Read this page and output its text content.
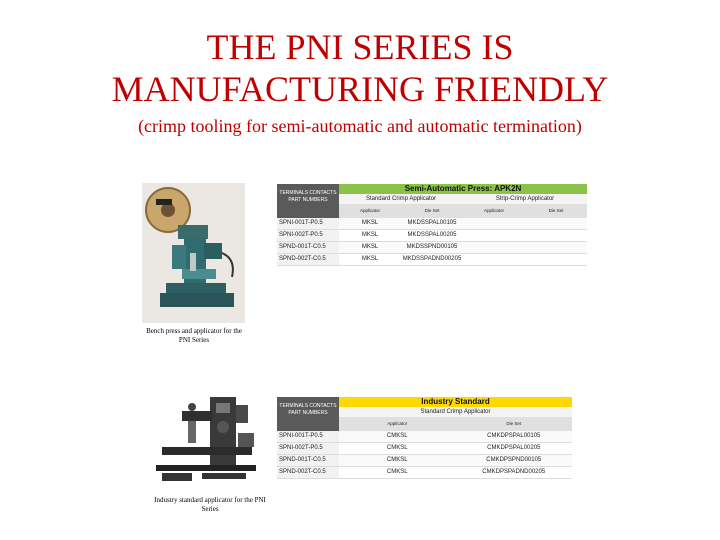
THE PNI SERIES IS
MANUFACTURING FRIENDLY
(crimp tooling for semi-automatic and automatic termination)
Bench press and applicator for the PNI Series
Industry standard applicator for the PNI Series
TERMINALS CONTACTS PART NUMBERS
Semi-Automatic Press: APK2N
Standard Crimp Applicator	Strip-Crimp Applicator
Applicator	Die Set	Applicator	Die Set
SPNI-001T-P0.5	MKSL	MKDSSPAL00105
SPNI-002T-P0.5	MKSL	MKDSSPAL00205
SPND-001T-C0.5	MKSL	MKDSSPND00105
SPND-002T-C0.5	MKSL	MKDSSPADND00205
TERMINALS CONTACTS PART NUMBERS
Industry Standard
Standard Crimp Applicator
Applicator	Die Set
SPNI-001T-P0.5	CMKSL	CMKDPSPAL00105
SPNI-002T-P0.5	CMKSL	CMKDPSPAL00205
SPND-001T-C0.5	CMKSL	CMKDPSPND00105
SPND-002T-C0.5	CMKSL	CMKDPSPADND00205
